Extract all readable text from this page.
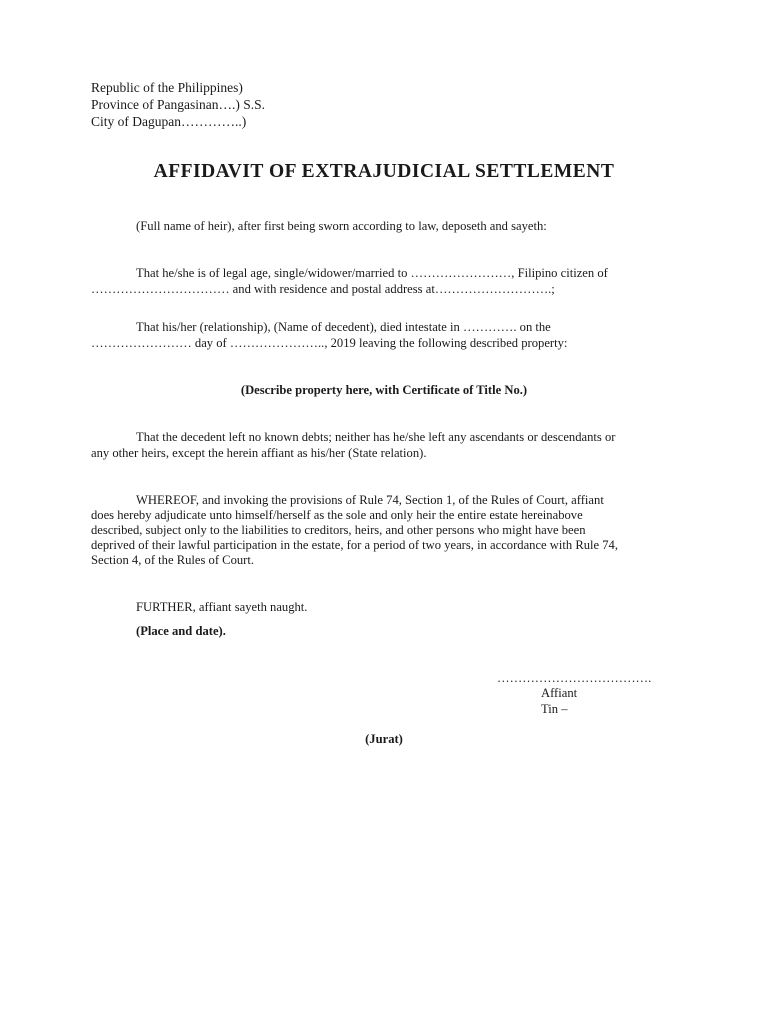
Republic of the Philippines)
Province of Pangasinan….) S.S.
City of Dagupan…………..)
AFFIDAVIT OF EXTRAJUDICIAL SETTLEMENT
(Full name of heir), after first being sworn according to law, deposeth and sayeth:
That he/she is of legal age, single/widower/married to ……………………, Filipino citizen of
…………………………… and with residence and postal address at……………………….;
That his/her (relationship), (Name of decedent), died intestate in …………. on the
…………………… day of ………………….., 2019 leaving the following described property:
(Describe property here, with Certificate of Title No.)
That the decedent left no known debts; neither has he/she left any ascendants or descendants or
any other heirs, except the herein affiant as his/her (State relation).
WHEREOF, and invoking the provisions of Rule 74, Section 1, of the Rules of Court, affiant
does hereby adjudicate unto himself/herself as the sole and only heir the entire estate hereinabove
described, subject only to the liabilities to creditors, heirs, and other persons who might have been
deprived of their lawful participation in the estate, for a period of two years, in accordance with Rule 74,
Section 4, of the Rules of Court.
FURTHER, affiant sayeth naught.
(Place and date).
……………………………….
Affiant
Tin –
(Jurat)
